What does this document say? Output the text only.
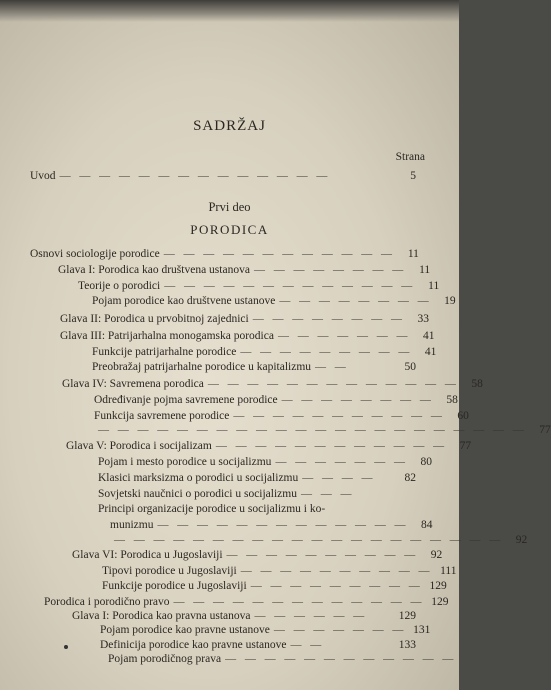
SADRŽAJ
Strana
Uvod — — — — — — — — — — — — — —	5
Prvi deo
PORODICA
Osnovi sociologije porodice — — — — — — — — — — — —	11
Glava I: Porodica kao društvena ustanova — — — — — — — —	11
Teorije o porodici — — — — — — — — — — — — —	11
Pojam porodice kao društvene ustanove — — — — — — — —	19
Glava II: Porodica u prvobitnoj zajednici — — — — — — — —	33
Glava III: Patrijarhalna monogamska porodica — — — — — — —	41
Funkcije patrijarhalne porodice — — — — — — — — —	41
Preobražaj patrijarhalne porodice u kapitalizmu — —	50
Glava IV: Savremena porodica — — — — — — — — — — — — —	58
Određivanje pojma savremene porodice — — — — — — — —	58
Funkcija savremene porodice — — — — — — — — — — —	60
— — — — — — — — — — — — — — — — — — — — — —	77
Glava V: Porodica i socijalizam — — — — — — — — — — — —	77
Pojam i mesto porodice u socijalizmu — — — — — — —	80
Klasici marksizma o porodici u socijalizmu — — — —	82
Sovjetski naučnici o porodici u socijalizmu — — —
Principi organizacije porodice u socijalizmu i ko-
munizmu — — — — — — — — — — — — —	84
— — — — — — — — — — — — — — — — — — — —	92
Glava VI: Porodica u Jugoslaviji — — — — — — — — — —	92
Tipovi porodice u Jugoslaviji — — — — — — — — — — 111
Funkcije porodice u Jugoslaviji — — — — — — — — — 129
Porodica i porodično pravo — — — — — — — — — — — — — 129
Glava I: Porodica kao pravna ustanova — — — — — —	129
Pojam porodice kao pravne ustanove — — — — — — — 131
Definicija porodice kao pravne ustanove — —	133
Pojam porodičnog prava — — — — — — — — — — — —
